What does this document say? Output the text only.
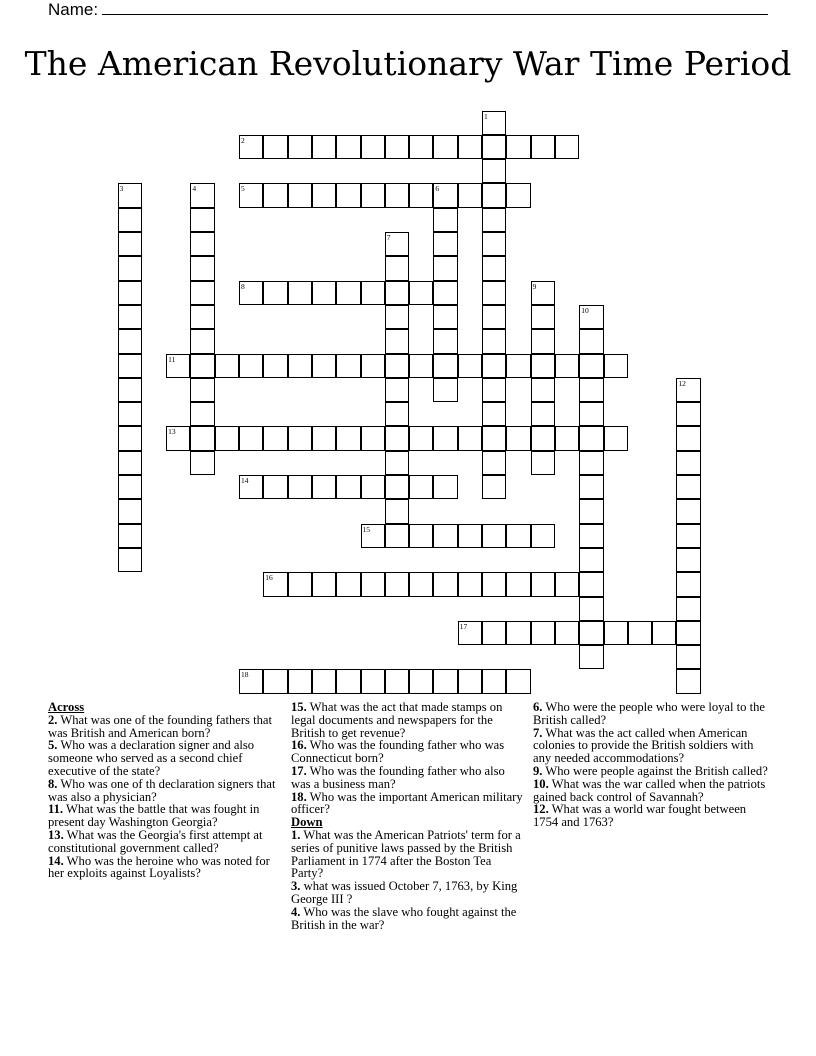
Name:
The American Revolutionary War Time Period
1
2
3	4	5	6
7
8	9
10
11
12
13
14
15
16
17
18

Across

2. What was one of the founding fathers that was British and American born?

5. Who was a declaration signer and also someone who served as a second chief executive of the state?

8. Who was one of th declaration signers that was also a physician?

11. What was the battle that was fought in present day Washington Georgia?

13. What was the Georgia's first attempt at constitutional government called?

14. Who was the heroine who was noted for her exploits against Loyalists?

15. What was the act that made stamps on legal documents and newspapers for the British to get revenue?

16. Who was the founding father who was Connecticut born?

17. Who was the founding father who also was a business man?

18. Who was the important American military officer?

Down

1. What was the American Patriots' term for a series of punitive laws passed by the British Parliament in 1774 after the Boston Tea Party?

3. what was issued October 7, 1763, by King George III ?

4. Who was the slave who fought against the British in the war?

6. Who were the people who were loyal to the British called?

7. What was the act called when American colonies to provide the British soldiers with any needed accommodations?

9. Who were people against the British called?

10. What was the war called when the patriots gained back control of Savannah?

12. What was a world war fought between 1754 and 1763?
